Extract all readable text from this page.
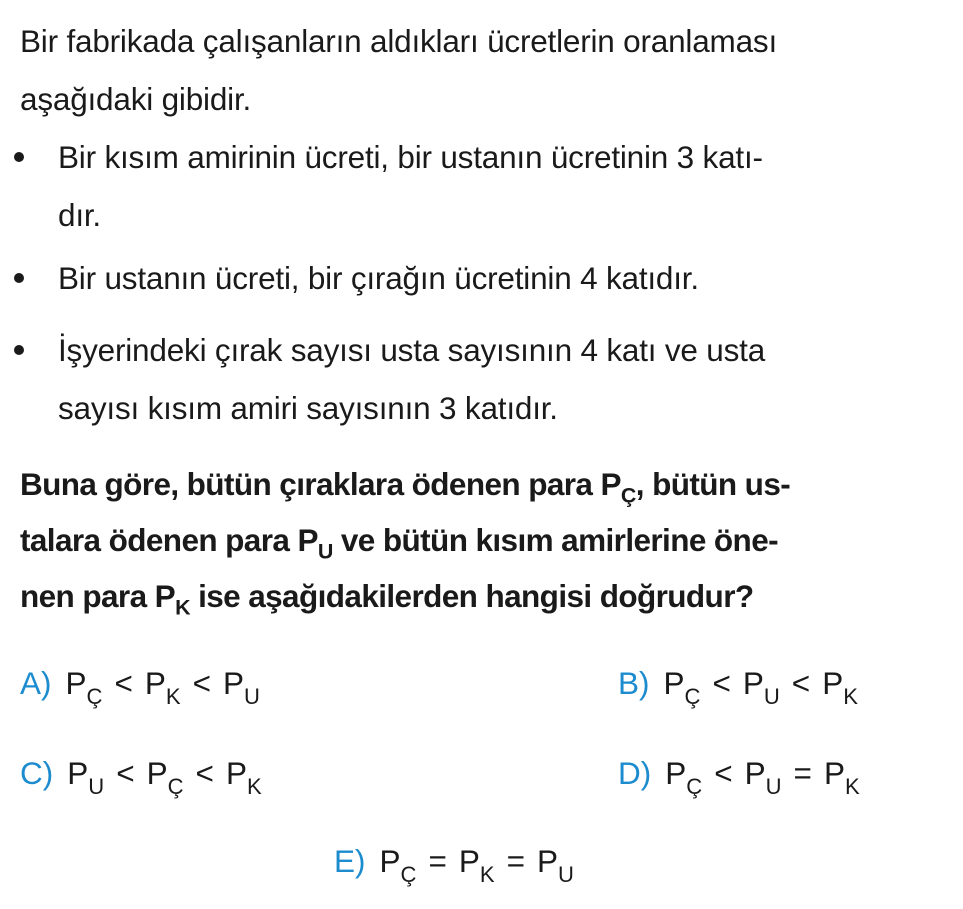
Bir fabrikada çalışanların aldıkları ücretlerin oranlaması
aşağıdaki gibidir.
Bir kısım amirinin ücreti, bir ustanın ücretinin 3 katı-
dır.
Bir ustanın ücreti, bir çırağın ücretinin 4 katıdır.
İşyerindeki çırak sayısı usta sayısının 4 katı ve usta
sayısı kısım amiri sayısının 3 katıdır.
Buna göre, bütün çıraklara ödenen para $P_Ç$, bütün us-
talara ödenen para $P_U$ ve bütün kısım amirlerine öne-
nen para $P_K$ ise aşağıdakilerden hangisi doğrudur?
A) $P_Ç < P_K < P_U$	B) $P_Ç < P_U < P_K$
C) $P_U < P_Ç < P_K$	D) $P_Ç < P_U = P_K$
E) $P_Ç = P_K = P_U$
